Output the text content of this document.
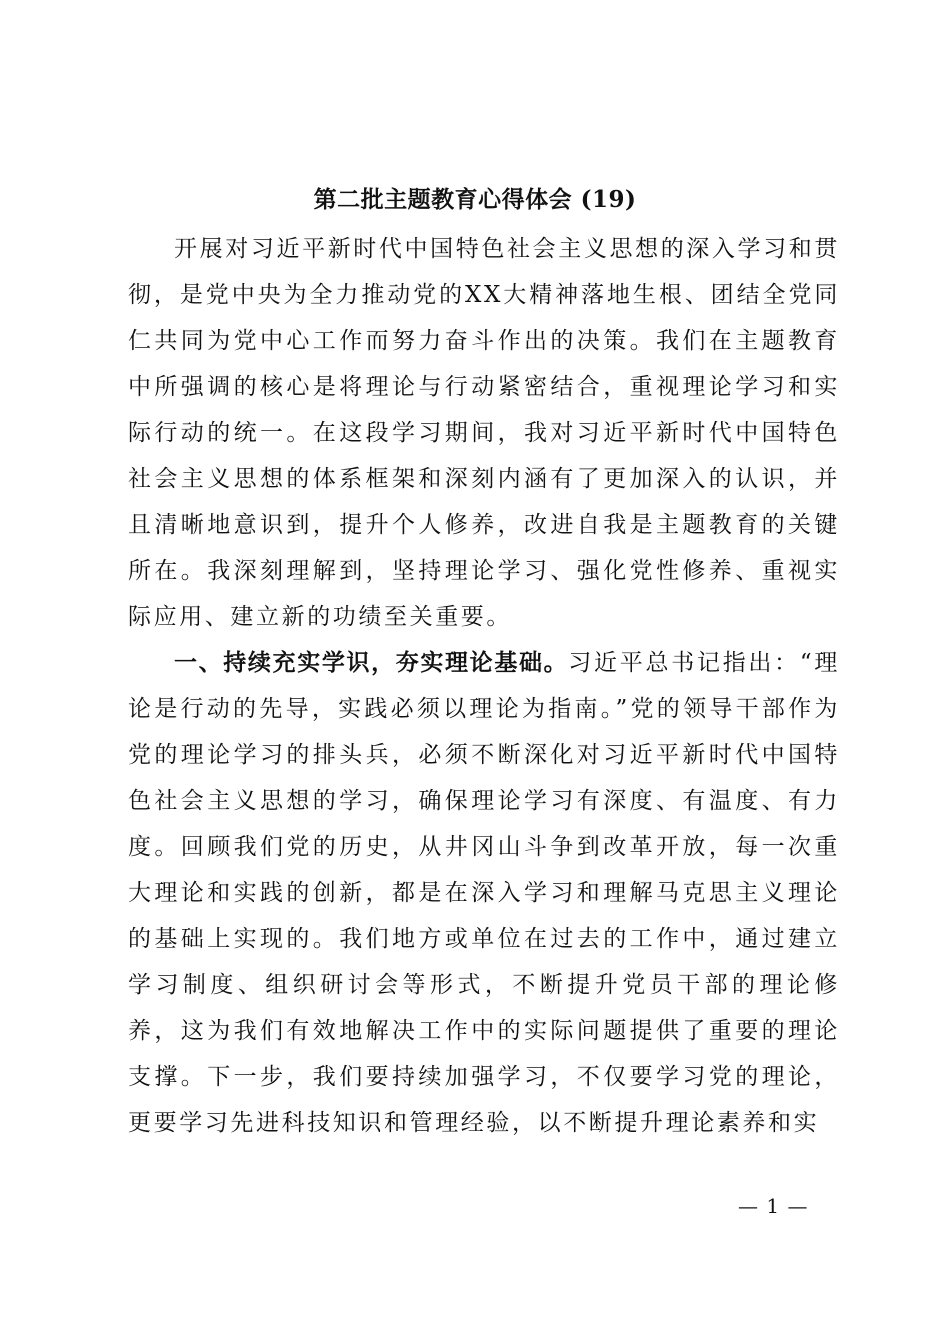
第二批主题教育心得体会 (19)

开展对习近平新时代中国特色社会主义思想的深入学习和贯彻，是党中央为全力推动党的XX大精神落地生根、团结全党同仁共同为党中心工作而努力奋斗作出的决策。我们在主题教育中所强调的核心是将理论与行动紧密结合，重视理论学习和实际行动的统一。在这段学习期间，我对习近平新时代中国特色社会主义思想的体系框架和深刻内涵有了更加深入的认识，并且清晰地意识到，提升个人修养，改进自我是主题教育的关键所在。我深刻理解到，坚持理论学习、强化党性修养、重视实际应用、建立新的功绩至关重要。

一、持续充实学识，夯实理论基础。习近平总书记指出：“理论是行动的先导，实践必须以理论为指南。”党的领导干部作为党的理论学习的排头兵，必须不断深化对习近平新时代中国特色社会主义思想的学习，确保理论学习有深度、有温度、有力度。回顾我们党的历史，从井冈山斗争到改革开放，每一次重大理论和实践的创新，都是在深入学习和理解马克思主义理论的基础上实现的。我们地方或单位在过去的工作中，通过建立学习制度、组织研讨会等形式，不断提升党员干部的理论修养，这为我们有效地解决工作中的实际问题提供了重要的理论支撑。下一步，我们要持续加强学习，不仅要学习党的理论，更要学习先进科技知识和管理经验，以不断提升理论素养和实

— 1 —
